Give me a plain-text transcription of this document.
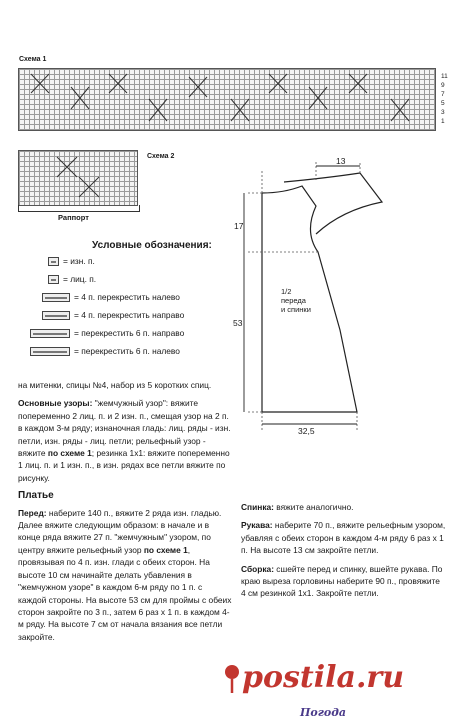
Схема 1
11
9
7
5
3
1
Схема 2
Раппорт
Условные обозначения:
= изн. п.
= лиц. п.
= 4 п. перекрестить налево
= 4 п. перекрестить направо
= перекрестить 6 п. направо
= перекрестить 6 п. налево
13
17
53
32,5
1/2
переда
и спинки
на митенки, спицы №4, набор из 5 коротких спиц.
Основные узоры: "жемчужный узор": вяжите попеременно 2 лиц. п. и 2 изн. п., смещая узор на 2 п. в каждом 3-м ряду; изнаночная гладь: лиц. ряды - изн. петли, изн. ряды - лиц. петли; рельефный узор - вяжите по схеме 1; резинка 1х1: вяжите попеременно 1 лиц. п. и 1 изн. п., в изн. рядах все петли вяжите по рисунку.
Платье
Перед: наберите 140 п., вяжите 2 ряда изн. гладью. Далее вяжите следующим образом: в начале и в конце ряда вяжите 27 п. "жемчужным" узором, по центру вяжите рельефный узор по схеме 1, провязывая по 4 п. изн. глади с обеих сторон. На высоте 10 см начинайте делать убавления в "жемчужном узоре" в каждом 6-м ряду по 1 п. с каждой стороны. На высоте 53 см для проймы с обеих сторон закройте по 3 п., затем 6 раз х 1 п. в каждом 4-м ряду. На высоте 7 см от начала вязания все петли закройте.
Спинка: вяжите аналогично.
Рукава: наберите 70 п., вяжите рельефным узором, убавляя с обеих сторон в каждом 4-м ряду 6 раз х 1 п. На высоте 13 см закройте петли.
Сборка: сшейте перед и спинку, вшейте рукава. По краю выреза горловины наберите 90 п., провяжите 4 см резинкой 1х1. Закройте петли.
postila.ru
Погода
